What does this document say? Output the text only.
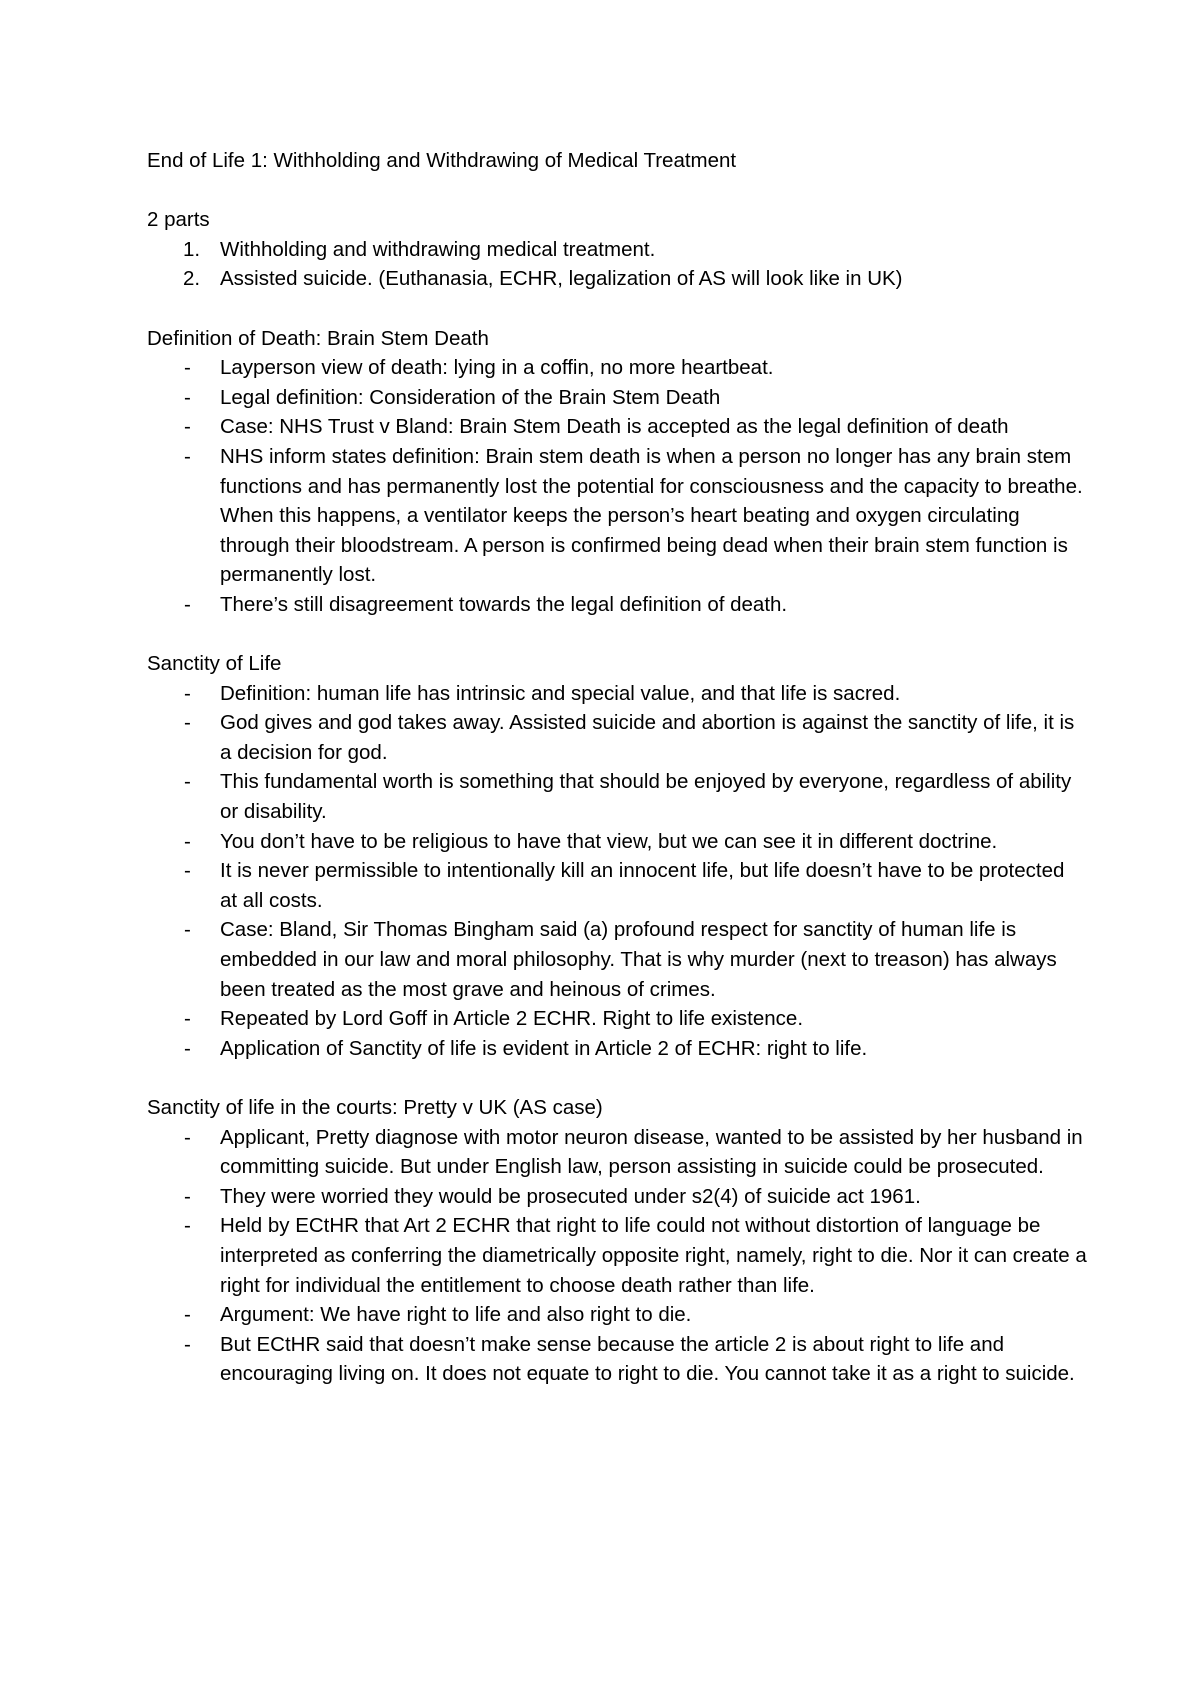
End of Life 1: Withholding and Withdrawing of Medical Treatment

2 parts

1. Withholding and withdrawing medical treatment.
2. Assisted suicide. (Euthanasia, ECHR, legalization of AS will look like in UK)

Definition of Death: Brain Stem Death

- Layperson view of death: lying in a coffin, no more heartbeat.
- Legal definition: Consideration of the Brain Stem Death
- Case: NHS Trust v Bland: Brain Stem Death is accepted as the legal definition of death
- NHS inform states definition: Brain stem death is when a person no longer has any brain stem functions and has permanently lost the potential for consciousness and the capacity to breathe. When this happens, a ventilator keeps the person’s heart beating and oxygen circulating through their bloodstream. A person is confirmed being dead when their brain stem function is permanently lost.
- There’s still disagreement towards the legal definition of death.

Sanctity of Life

- Definition: human life has intrinsic and special value, and that life is sacred.
- God gives and god takes away. Assisted suicide and abortion is against the sanctity of life, it is a decision for god.
- This fundamental worth is something that should be enjoyed by everyone, regardless of ability or disability.
- You don’t have to be religious to have that view, but we can see it in different doctrine.
- It is never permissible to intentionally kill an innocent life, but life doesn’t have to be protected at all costs.
- Case: Bland, Sir Thomas Bingham said (a) profound respect for sanctity of human life is embedded in our law and moral philosophy. That is why murder (next to treason) has always been treated as the most grave and heinous of crimes.
- Repeated by Lord Goff in Article 2 ECHR. Right to life existence.
- Application of Sanctity of life is evident in Article 2 of ECHR: right to life.

Sanctity of life in the courts: Pretty v UK (AS case)

- Applicant, Pretty diagnose with motor neuron disease, wanted to be assisted by her husband in committing suicide. But under English law, person assisting in suicide could be prosecuted.
- They were worried they would be prosecuted under s2(4) of suicide act 1961.
- Held by ECtHR that Art 2 ECHR that right to life could not without distortion of language be interpreted as conferring the diametrically opposite right, namely, right to die. Nor it can create a right for individual the entitlement to choose death rather than life.
- Argument: We have right to life and also right to die.
- But ECtHR said that doesn’t make sense because the article 2 is about right to life and encouraging living on. It does not equate to right to die. You cannot take it as a right to suicide.
